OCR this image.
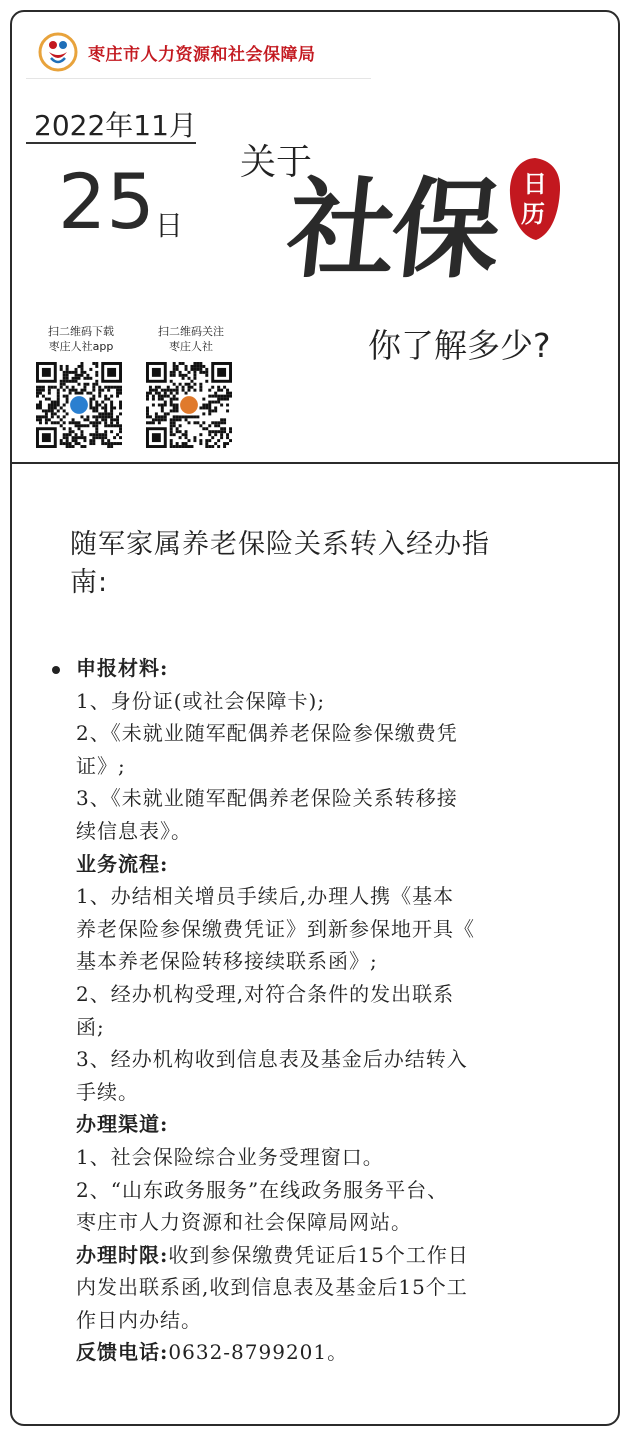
枣庄市人力资源和社会保障局
2022年11月
25 日
关于
社保 日
历
你了解多少?
扫二维码下载
枣庄人社app
扫二维码关注
枣庄人社
随军家属养老保险关系转入经办指
南:
申报材料:
1、身份证(或社会保障卡);
2、《未就业随军配偶养老保险参保缴费凭
证》;
3、《未就业随军配偶养老保险关系转移接
续信息表》。
业务流程:
1、办结相关增员手续后,办理人携《基本
养老保险参保缴费凭证》到新参保地开具《
基本养老保险转移接续联系函》;
2、经办机构受理,对符合条件的发出联系
函;
3、经办机构收到信息表及基金后办结转入
手续。
办理渠道:
1、社会保险综合业务受理窗口。
2、“山东政务服务”在线政务服务平台、
枣庄市人力资源和社会保障局网站。
办理时限:收到参保缴费凭证后15个工作日
内发出联系函,收到信息表及基金后15个工
作日内办结。
反馈电话:0632-8799201。
